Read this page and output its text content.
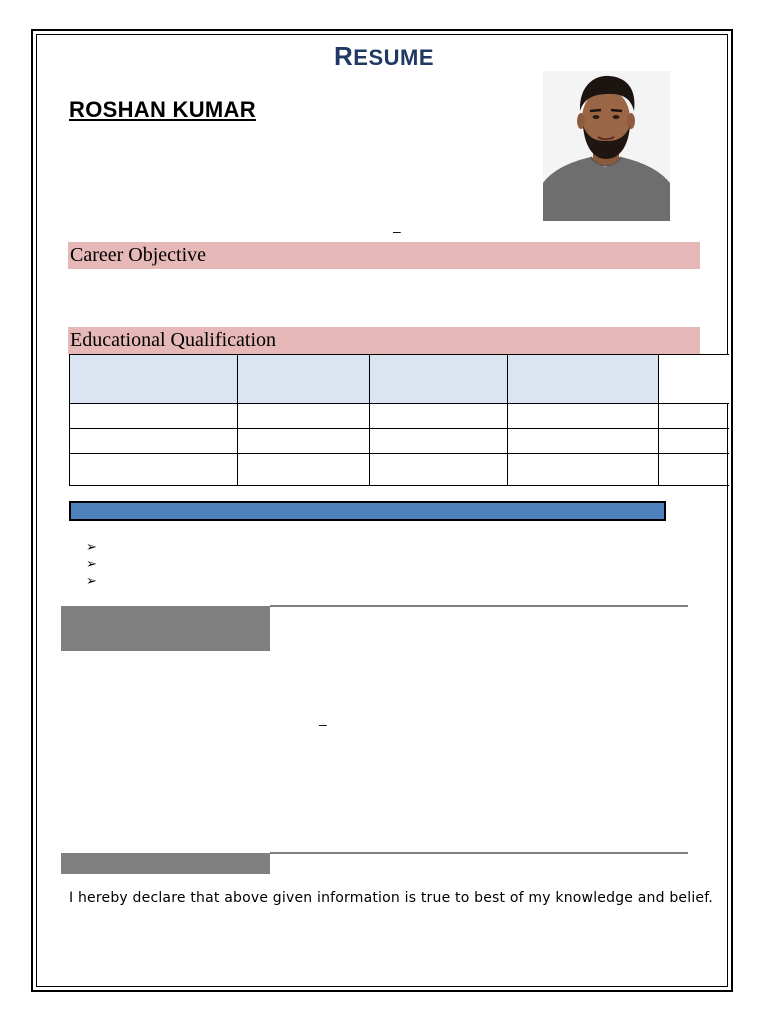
RESUME
ROSHAN KUMAR
–
Career Objective
Educational Qualification

➢
➢
➢
–
I hereby declare that above given information is true to best of my knowledge and belief.
